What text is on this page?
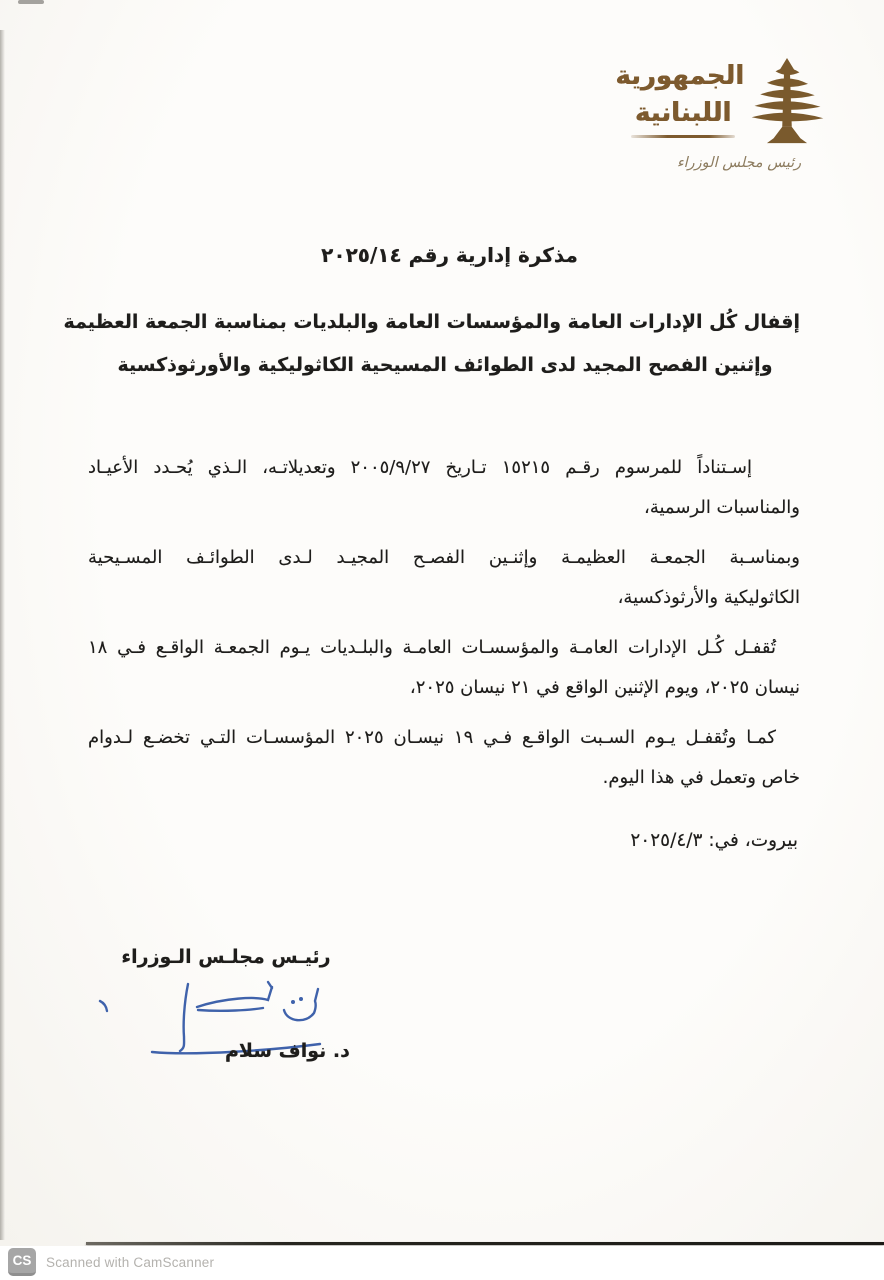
الجمهورية
اللبنانية
رئيس مجلس الوزراء
مذكرة إدارية رقم ٢٠٢٥/١٤
إقفال كُل الإدارات العامة والمؤسسات العامة والبلديات بمناسبة الجمعة العظيمة
وإثنين الفصح المجيد لدى الطوائف المسيحية الكاثوليكية والأورثوذكسية
إسـتناداً للمرسوم رقـم ١٥٢١٥ تـاريخ ٢٠٠٥/٩/٢٧ وتعديلاتـه، الـذي يُحـدد الأعيـاد
والمناسبات الرسمية،
وبمناسـبة الجمعـة العظيمـة وإثنـين الفصـح المجيـد لـدى الطوائـف المسـيحية
الكاثوليكية والأرثوذكسية،
تُقفـل كُـل الإدارات العامـة والمؤسسـات العامـة والبلـديات يـوم الجمعـة الواقـع فـي ١٨
نيسان ٢٠٢٥، ويوم الإثنين الواقع في ٢١ نيسان ٢٠٢٥،
كمـا وتُقفـل يـوم السـبت الواقـع فـي ١٩ نيسـان ٢٠٢٥ المؤسسـات التـي تخضـع لـدوام
خاص وتعمل في هذا اليوم.
بيروت، في: ٢٠٢٥/٤/٣
رئيـس مجلـس الـوزراء
د. نواف سلام
CS	Scanned with CamScanner
